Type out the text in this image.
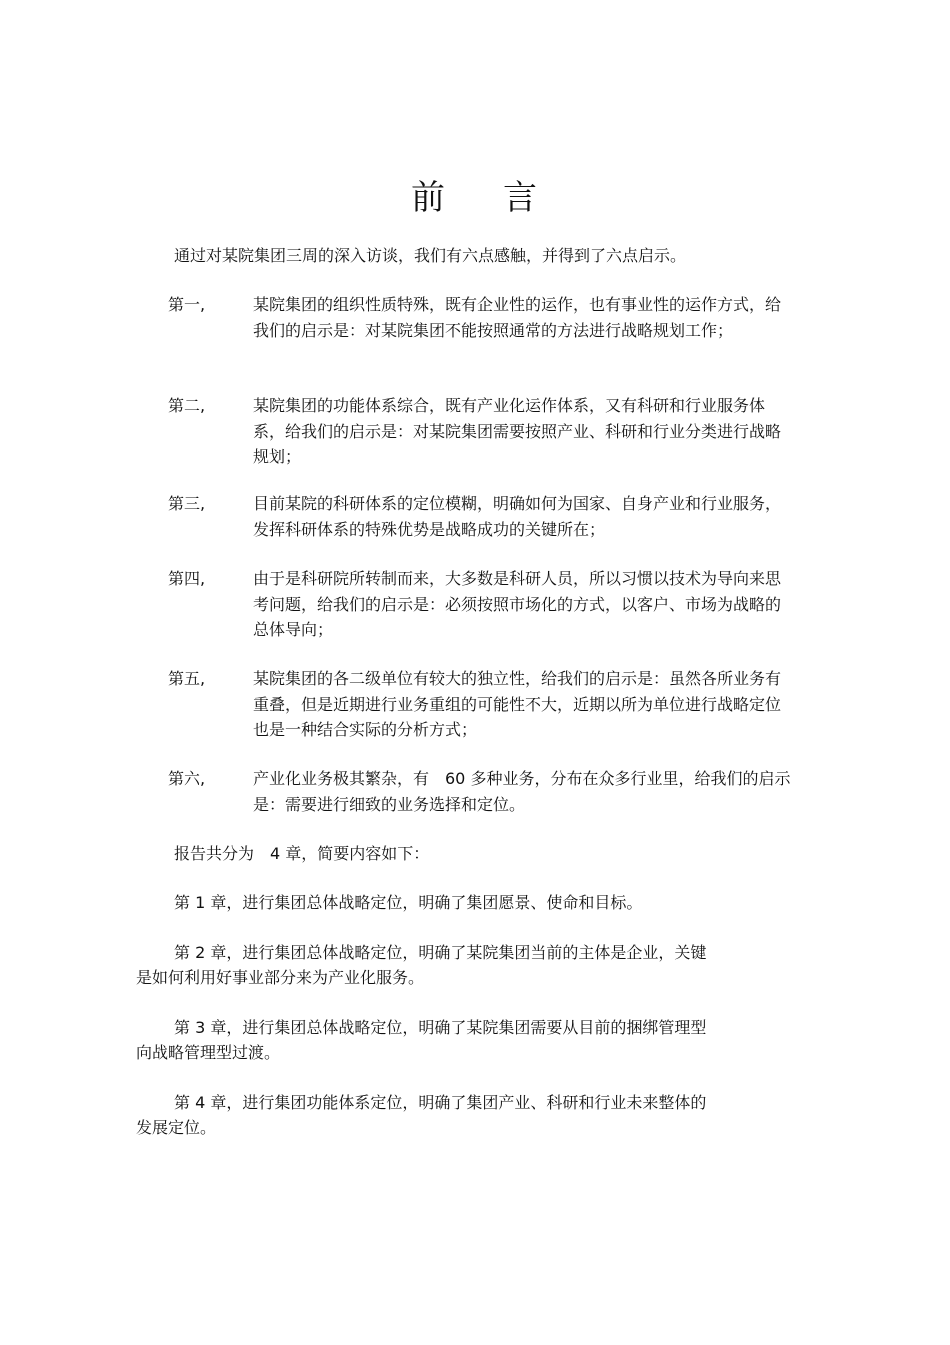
前 言
通过对某院集团三周的深入访谈，我们有六点感触，并得到了六点启示。
第一,	某院集团的组织性质特殊，既有企业性的运作，也有事业性的运作方式，给我们的启示是：对某院集团不能按照通常的方法进行战略规划工作；
第二,	某院集团的功能体系综合，既有产业化运作体系，又有科研和行业服务体系，给我们的启示是：对某院集团需要按照产业、科研和行业分类进行战略规划；
第三,	目前某院的科研体系的定位模糊，明确如何为国家、自身产业和行业服务，发挥科研体系的特殊优势是战略成功的关键所在；
第四,	由于是科研院所转制而来，大多数是科研人员，所以习惯以技术为导向来思考问题，给我们的启示是：必须按照市场化的方式，以客户、市场为战略的总体导向；
第五,	某院集团的各二级单位有较大的独立性，给我们的启示是：虽然各所业务有重叠，但是近期进行业务重组的可能性不大，近期以所为单位进行战略定位也是一种结合实际的分析方式；
第六,	产业化业务极其繁杂，有　60 多种业务，分布在众多行业里，给我们的启示是：需要进行细致的业务选择和定位。
报告共分为　4 章，简要内容如下：
第 1 章，进行集团总体战略定位，明确了集团愿景、使命和目标。
第 2 章，进行集团总体战略定位，明确了某院集团当前的主体是企业，关键
是如何利用好事业部分来为产业化服务。
第 3 章，进行集团总体战略定位，明确了某院集团需要从目前的捆绑管理型
向战略管理型过渡。
第 4 章，进行集团功能体系定位，明确了集团产业、科研和行业未来整体的
发展定位。
